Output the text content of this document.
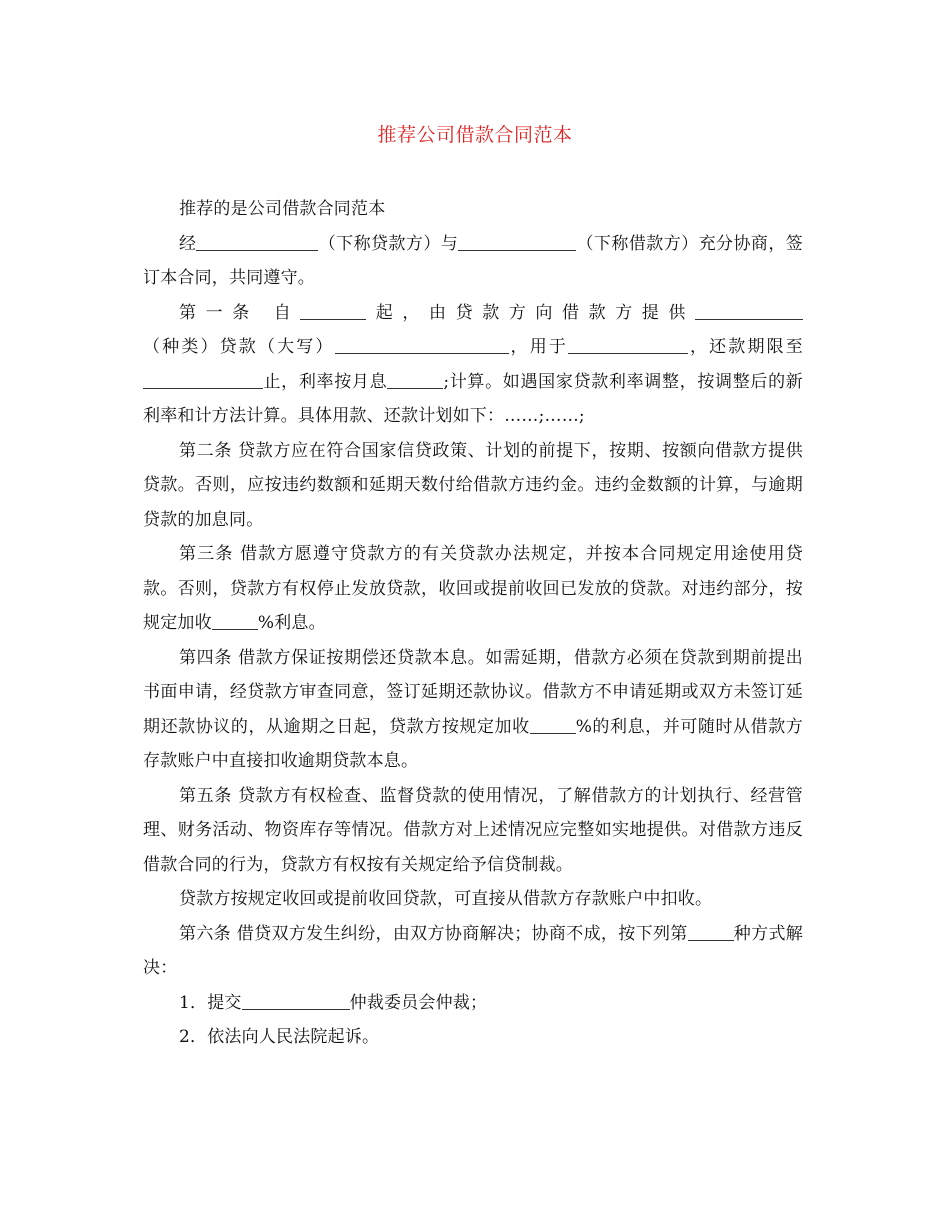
推荐公司借款合同范本

推荐的是公司借款合同范本

经	（下称贷款方）与	（下称借款方）充分协商，签订本合同，共同遵守。

第一条 自	起，由贷款方向借款方提供（种类）贷款（大写）	，用于	，还款期限至止，利率按月息	;计算。如遇国家贷款利率调整，按调整后的新利率和计方法计算。具体用款、还款计划如下：……;……;

第二条 贷款方应在符合国家信贷政策、计划的前提下，按期、按额向借款方提供贷款。否则，应按违约数额和延期天数付给借款方违约金。违约金数额的计算，与逾期贷款的加息同。

第三条 借款方愿遵守贷款方的有关贷款办法规定，并按本合同规定用途使用贷款。否则，贷款方有权停止发放贷款，收回或提前收回已发放的贷款。对违约部分，按规定加收	%利息。

第四条 借款方保证按期偿还贷款本息。如需延期，借款方必须在贷款到期前提出书面申请，经贷款方审查同意，签订延期还款协议。借款方不申请延期或双方未签订延期还款协议的，从逾期之日起，贷款方按规定加收	%的利息，并可随时从借款方存款账户中直接扣收逾期贷款本息。

第五条 贷款方有权检查、监督贷款的使用情况，了解借款方的计划执行、经营管理、财务活动、物资库存等情况。借款方对上述情况应完整如实地提供。对借款方违反借款合同的行为，贷款方有权按有关规定给予信贷制裁。

贷款方按规定收回或提前收回贷款，可直接从借款方存款账户中扣收。

第六条 借贷双方发生纠纷，由双方协商解决；协商不成，按下列第	种方式解决：

1．提交	仲裁委员会仲裁；

2．依法向人民法院起诉。
